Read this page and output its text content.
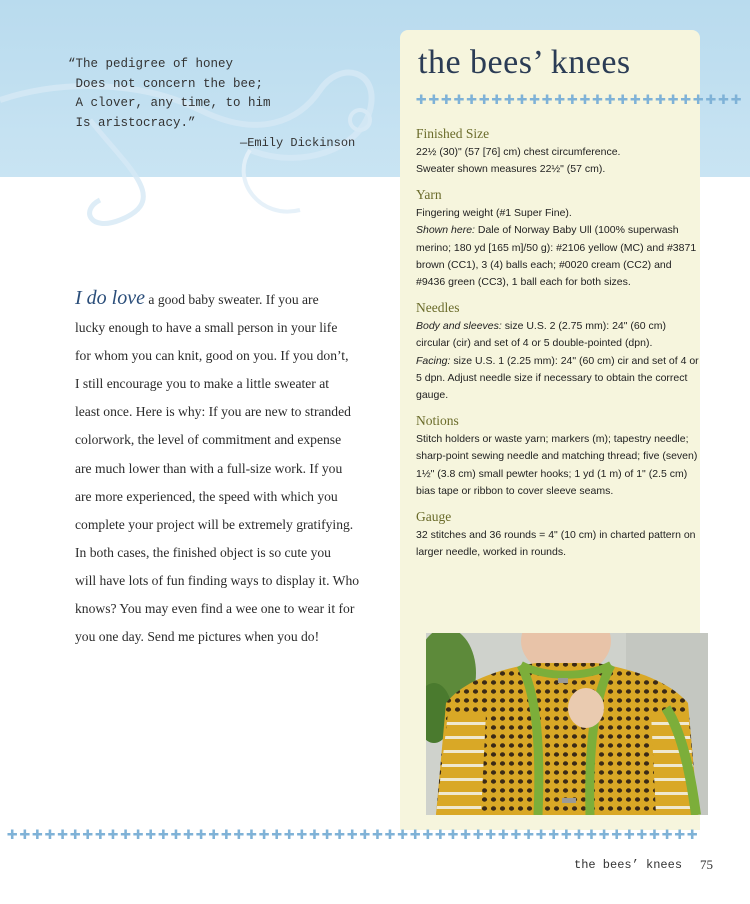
“The pedigree of honey
Does not concern the bee;
A clover, any time, to him
Is aristocracy.”
—Emily Dickinson
the bees’ knees
✚ ✚ ✚ ✚ ✚ ✚ ✚ ✚ ✚ ✚ ✚ ✚ ✚ ✚ ✚ ✚ ✚ ✚ ✚ ✚ ✚ ✚ ✚ ✚ ✚ ✚
Finished Size
22½ (30)" (57 [76] cm) chest circumference.
Sweater shown measures 22½" (57 cm).
Yarn
Fingering weight (#1 Super Fine).
Shown here: Dale of Norway Baby Ull (100% superwash merino; 180 yd [165 m]/50 g): #2106 yellow (MC) and #3871 brown (CC1), 3 (4) balls each; #0020 cream (CC2) and #9436 green (CC3), 1 ball each for both sizes.
Needles
Body and sleeves: size U.S. 2 (2.75 mm): 24" (60 cm) circular (cir) and set of 4 or 5 double-pointed (dpn).
Facing: size U.S. 1 (2.25 mm): 24" (60 cm) cir and set of 4 or 5 dpn. Adjust needle size if necessary to obtain the correct gauge.
Notions
Stitch holders or waste yarn; markers (m); tapestry needle; sharp-point sewing needle and matching thread; five (seven) 1½" (3.8 cm) small pewter hooks; 1 yd (1 m) of 1" (2.5 cm) bias tape or ribbon to cover sleeve seams.
Gauge
32 stitches and 36 rounds = 4" (10 cm) in charted pattern on larger needle, worked in rounds.
I do love a good baby sweater. If you are
lucky enough to have a small person in your life
for whom you can knit, good on you. If you don’t,
I still encourage you to make a little sweater at
least once. Here is why: If you are new to stranded
colorwork, the level of commitment and expense
are much lower than with a full-size work. If you
are more experienced, the speed with which you
complete your project will be extremely gratifying.
In both cases, the finished object is so cute you
will have lots of fun finding ways to display it. Who
knows? You may even find a wee one to wear it for
you one day. Send me pictures when you do!
✚ ✚ ✚ ✚ ✚ ✚ ✚ ✚ ✚ ✚ ✚ ✚ ✚ ✚ ✚ ✚ ✚ ✚ ✚ ✚ ✚ ✚ ✚ ✚ ✚ ✚ ✚ ✚ ✚ ✚ ✚ ✚ ✚ ✚ ✚ ✚ ✚ ✚ ✚ ✚ ✚ ✚ ✚ ✚ ✚ ✚ ✚ ✚ ✚ ✚ ✚ ✚ ✚ ✚ ✚
the bees’ knees 75
